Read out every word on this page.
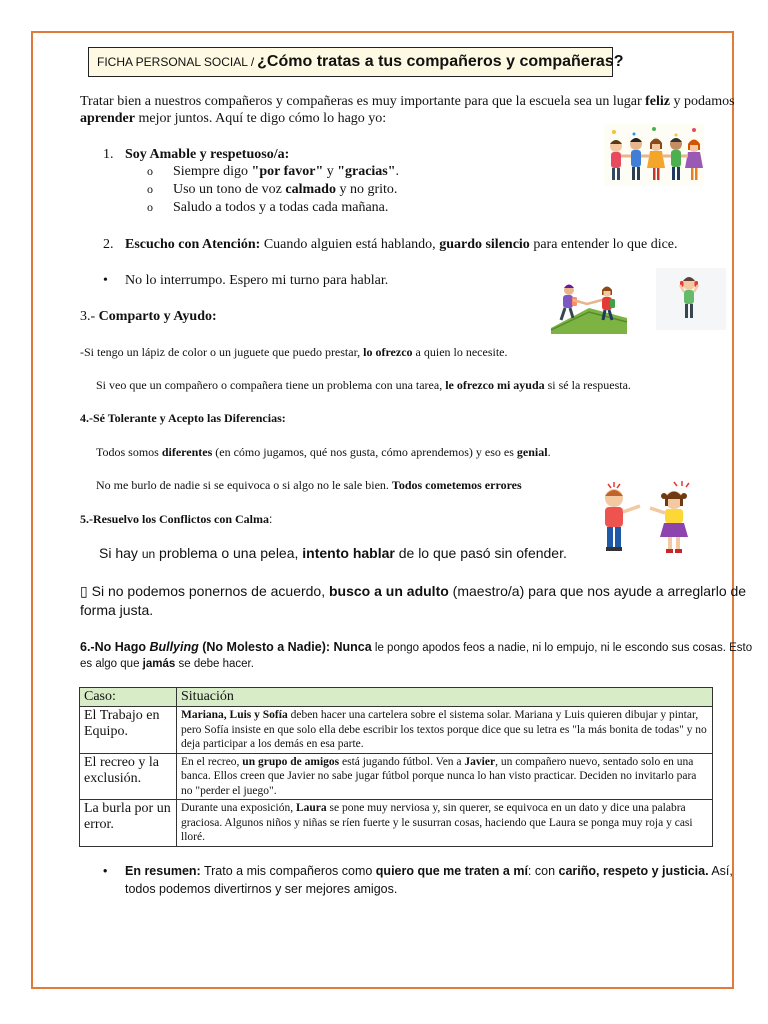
FICHA PERSONAL SOCIAL / ¿Cómo tratas a tus compañeros y compañeras?
Tratar bien a nuestros compañeros y compañeras es muy importante para que la escuela sea un lugar feliz y podamos
aprender mejor juntos. Aquí te digo cómo lo hago yo:
1. Soy Amable y respetuoso/a:
o Siempre digo "por favor" y "gracias".
o Uso un tono de voz calmado y no grito.
o Saludo a todos y a todas cada mañana.
2. Escucho con Atención: Cuando alguien está hablando, guardo silencio para entender lo que dice.
• No lo interrumpo. Espero mi turno para hablar.
3.- Comparto y Ayudo:
-Si tengo un lápiz de color o un juguete que puedo prestar, lo ofrezco a quien lo necesite.
Si veo que un compañero o compañera tiene un problema con una tarea, le ofrezco mi ayuda si sé la respuesta.
4.-Sé Tolerante y Acepto las Diferencias:
Todos somos diferentes (en cómo jugamos, qué nos gusta, cómo aprendemos) y eso es genial.
No me burlo de nadie si se equivoca o si algo no le sale bien. Todos cometemos errores
5.-Resuelvo los Conflictos con Calma:
Si hay un problema o una pelea, intento hablar de lo que pasó sin ofender.
▯ Si no podemos ponernos de acuerdo, busco a un adulto (maestro/a) para que nos ayude a arreglarlo de
forma justa.
6.-No Hago Bullying (No Molesto a Nadie): Nunca le pongo apodos feos a nadie, ni lo empujo, ni le escondo sus cosas. Esto
es algo que jamás se debe hacer.
Caso:	Situación
El Trabajo en Equipo.	Mariana, Luis y Sofía deben hacer una cartelera sobre el sistema solar. Mariana y Luis quieren dibujar y pintar, pero Sofía insiste en que solo ella debe escribir los textos porque dice que su letra es "la más bonita de todas" y no deja participar a los demás en esa parte.
El recreo y la exclusión.	En el recreo, un grupo de amigos está jugando fútbol. Ven a Javier, un compañero nuevo, sentado solo en una banca. Ellos creen que Javier no sabe jugar fútbol porque nunca lo han visto practicar. Deciden no invitarlo para no "perder el juego".
La burla por un error.	Durante una exposición, Laura se pone muy nerviosa y, sin querer, se equivoca en un dato y dice una palabra graciosa. Algunos niños y niñas se ríen fuerte y le susurran cosas, haciendo que Laura se ponga muy roja y casi lloré.
• En resumen: Trato a mis compañeros como quiero que me traten a mí: con cariño, respeto y justicia. Así,
todos podemos divertirnos y ser mejores amigos.
